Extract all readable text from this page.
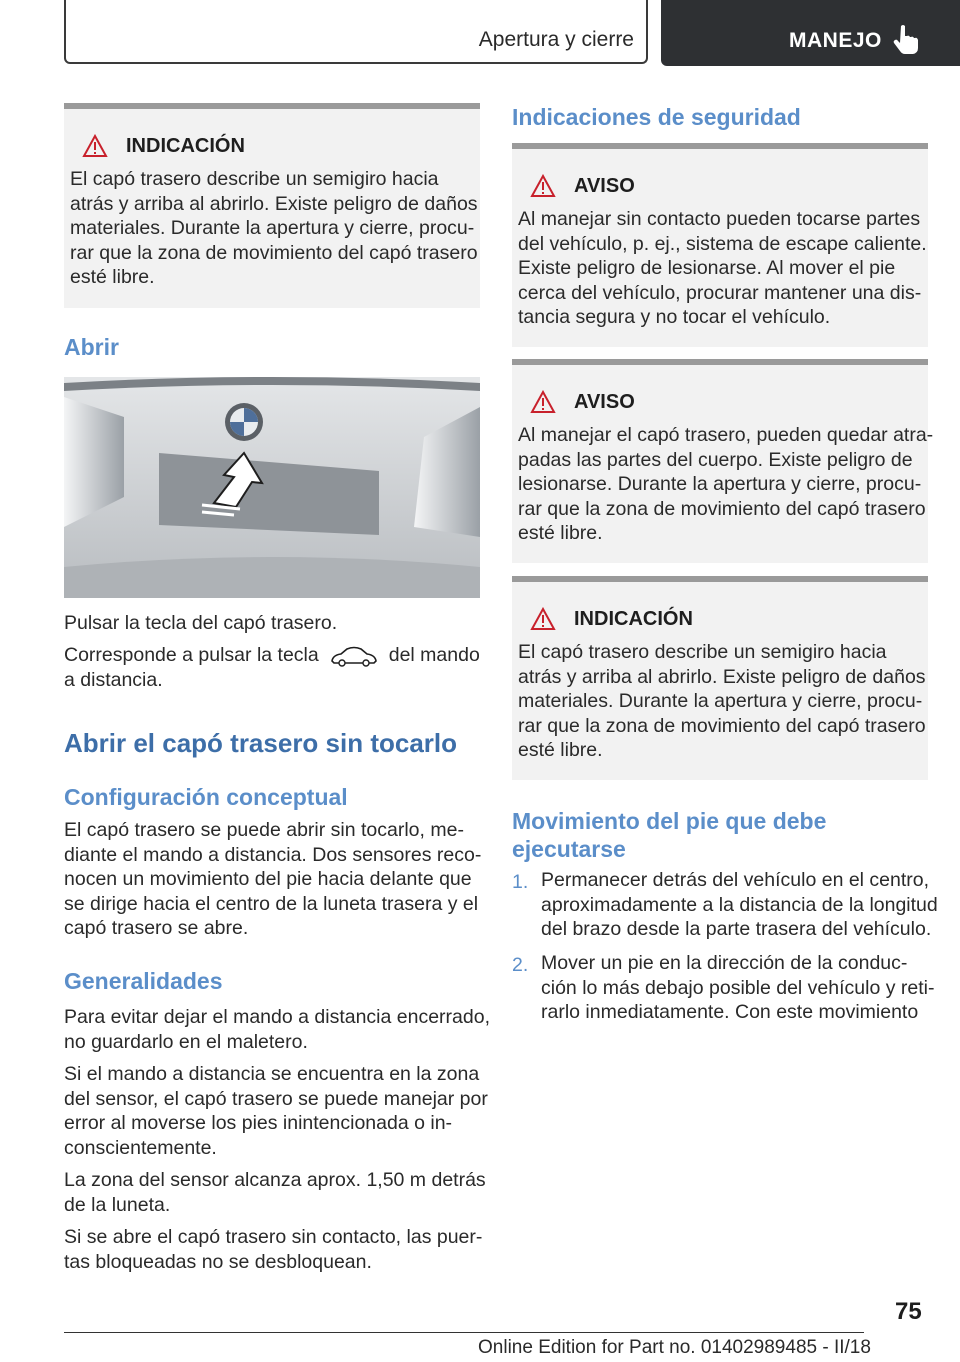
Apertura y cierre	MANEJO
INDICACIÓN
El capó trasero describe un semigiro hacia
atrás y arriba al abrirlo. Existe peligro de daños
materiales. Durante la apertura y cierre, procu‐
rar que la zona de movimiento del capó trasero
esté libre.
Abrir

Pulsar la tecla del capó trasero.

Corresponde a pulsar la tecla	del mando
a distancia.

Abrir el capó trasero sin tocarlo
Configuración conceptual

El capó trasero se puede abrir sin tocarlo, me‐
diante el mando a distancia. Dos sensores reco‐
nocen un movimiento del pie hacia delante que
se dirige hacia el centro de la luneta trasera y el
capó trasero se abre.

Generalidades

Para evitar dejar el mando a distancia encerrado,
no guardarlo en el maletero.

Si el mando a distancia se encuentra en la zona
del sensor, el capó trasero se puede manejar por
error al moverse los pies inintencionada o in‐
conscientemente.

La zona del sensor alcanza aprox. 1,50 m detrás
de la luneta.

Si se abre el capó trasero sin contacto, las puer‐
tas bloqueadas no se desbloquean.

Indicaciones de seguridad
AVISO
Al manejar sin contacto pueden tocarse partes
del vehículo, p. ej., sistema de escape caliente.
Existe peligro de lesionarse. Al mover el pie
cerca del vehículo, procurar mantener una dis‐
tancia segura y no tocar el vehículo.
AVISO
Al manejar el capó trasero, pueden quedar atra‐
padas las partes del cuerpo. Existe peligro de
lesionarse. Durante la apertura y cierre, procu‐
rar que la zona de movimiento del capó trasero
esté libre.
INDICACIÓN
El capó trasero describe un semigiro hacia
atrás y arriba al abrirlo. Existe peligro de daños
materiales. Durante la apertura y cierre, procu‐
rar que la zona de movimiento del capó trasero
esté libre.
Movimiento del pie que debe
ejecutarse
1. Permanecer detrás del vehículo en el centro,
aproximadamente a la distancia de la longitud
del brazo desde la parte trasera del vehículo.
2. Mover un pie en la dirección de la conduc‐
ción lo más debajo posible del vehículo y reti‐
rarlo inmediatamente. Con este movimiento
75
Online Edition for Part no. 01402989485 - II/18
